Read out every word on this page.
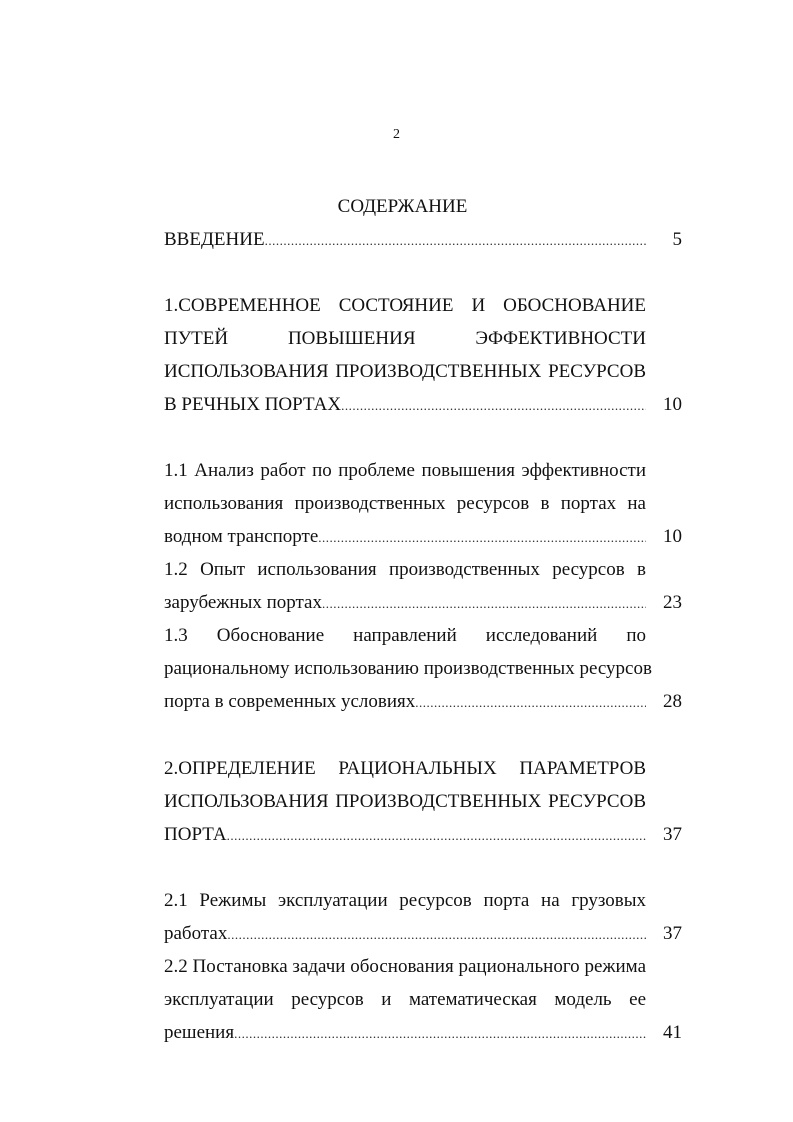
2
СОДЕРЖАНИЕ
ВВЕДЕНИЕ .....	5
1.СОВРЕМЕННОЕ СОСТОЯНИЕ И ОБОСНОВАНИЕ
ПУТЕЙ ПОВЫШЕНИЯ ЭФФЕКТИВНОСТИ
ИСПОЛЬЗОВАНИЯ ПРОИЗВОДСТВЕННЫХ РЕСУРСОВ
В РЕЧНЫХ ПОРТАХ .....	10
1.1 Анализ работ по проблеме повышения эффективности
использования производственных ресурсов в портах на
водном транспорте .....	10
1.2 Опыт использования производственных ресурсов в
зарубежных портах .....	23
1.3 Обоснование направлений исследований по
рациональному использованию производственных ресурсов
порта в современных условиях .....	28
2.ОПРЕДЕЛЕНИЕ РАЦИОНАЛЬНЫХ ПАРАМЕТРОВ
ИСПОЛЬЗОВАНИЯ ПРОИЗВОДСТВЕННЫХ РЕСУРСОВ
ПОРТА .....	37
2.1 Режимы эксплуатации ресурсов порта на грузовых
работах .....	37
2.2 Постановка задачи обоснования рационального режима
эксплуатации ресурсов и математическая модель ее
решения .....	41
